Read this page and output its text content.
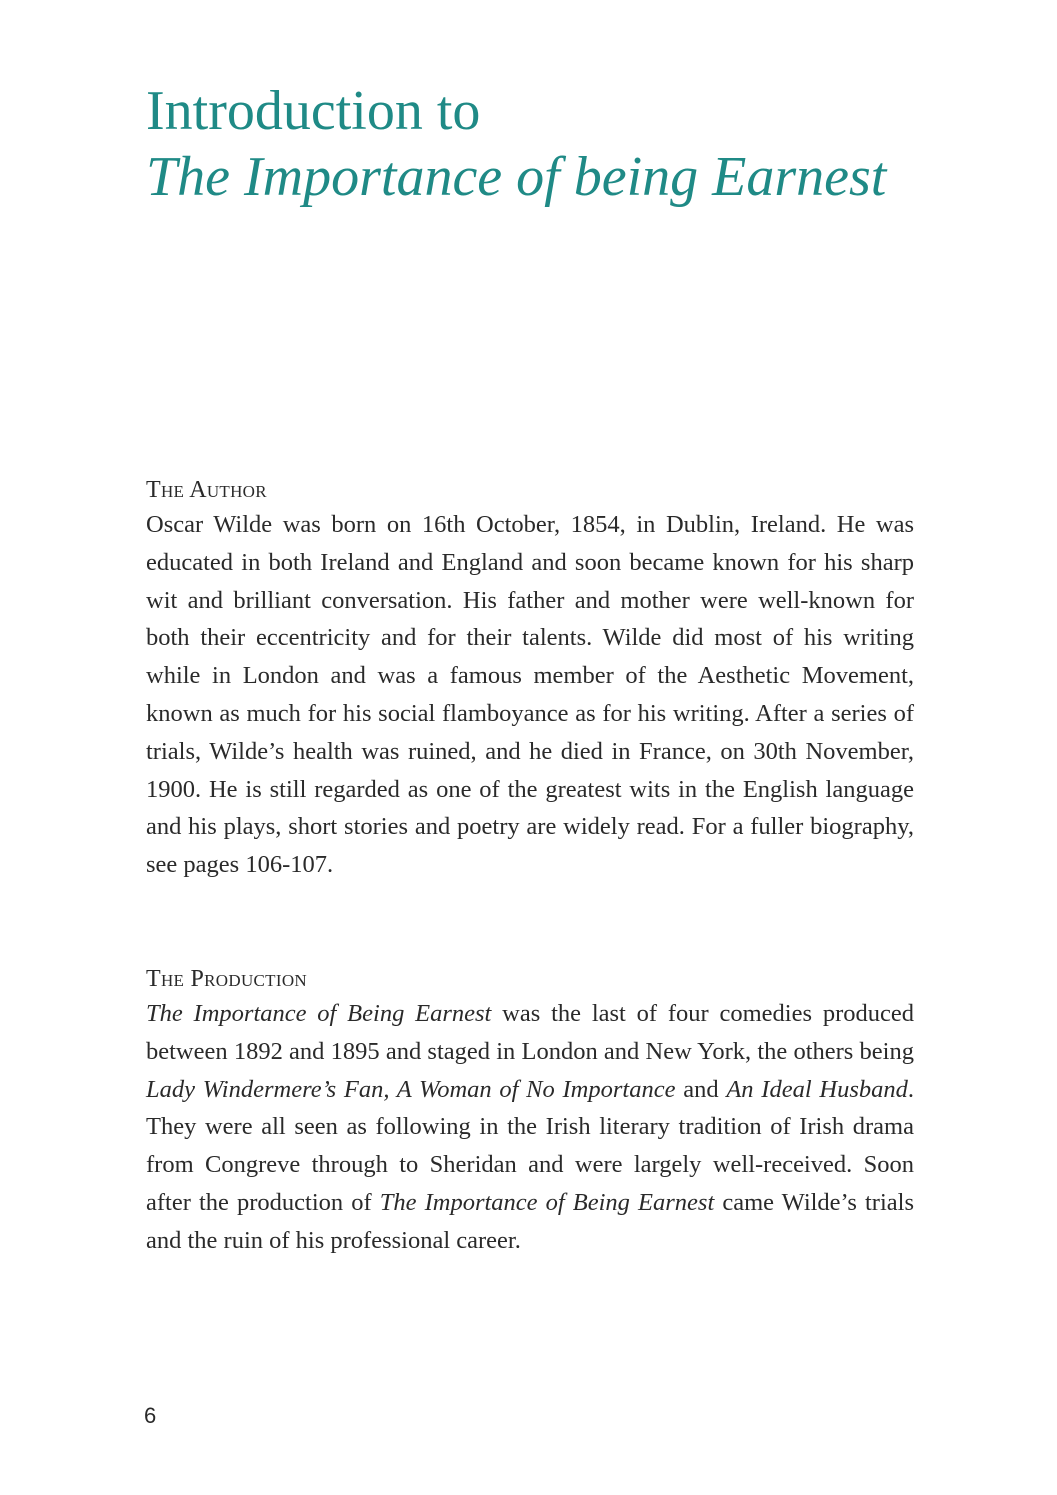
Introduction to
The Importance of being Earnest
The Author

Oscar Wilde was born on 16th October, 1854, in Dublin, Ireland. He was educated in both Ireland and England and soon became known for his sharp wit and brilliant conversation. His father and mother were well-known for both their eccentricity and for their talents. Wilde did most of his writing while in London and was a famous member of the Aesthetic Movement, known as much for his social flamboyance as for his writing. After a series of trials, Wilde’s health was ruined, and he died in France, on 30th November, 1900. He is still regarded as one of the greatest wits in the English language and his plays, short stories and poetry are widely read. For a fuller biography, see pages 106-107.

The Production

The Importance of Being Earnest was the last of four comedies produced between 1892 and 1895 and staged in London and New York, the others being Lady Windermere’s Fan, A Woman of No Importance and An Ideal Husband. They were all seen as following in the Irish literary tradition of Irish drama from Congreve through to Sheridan and were largely well-received. Soon after the production of The Importance of Being Earnest came Wilde’s trials and the ruin of his professional career.

6
